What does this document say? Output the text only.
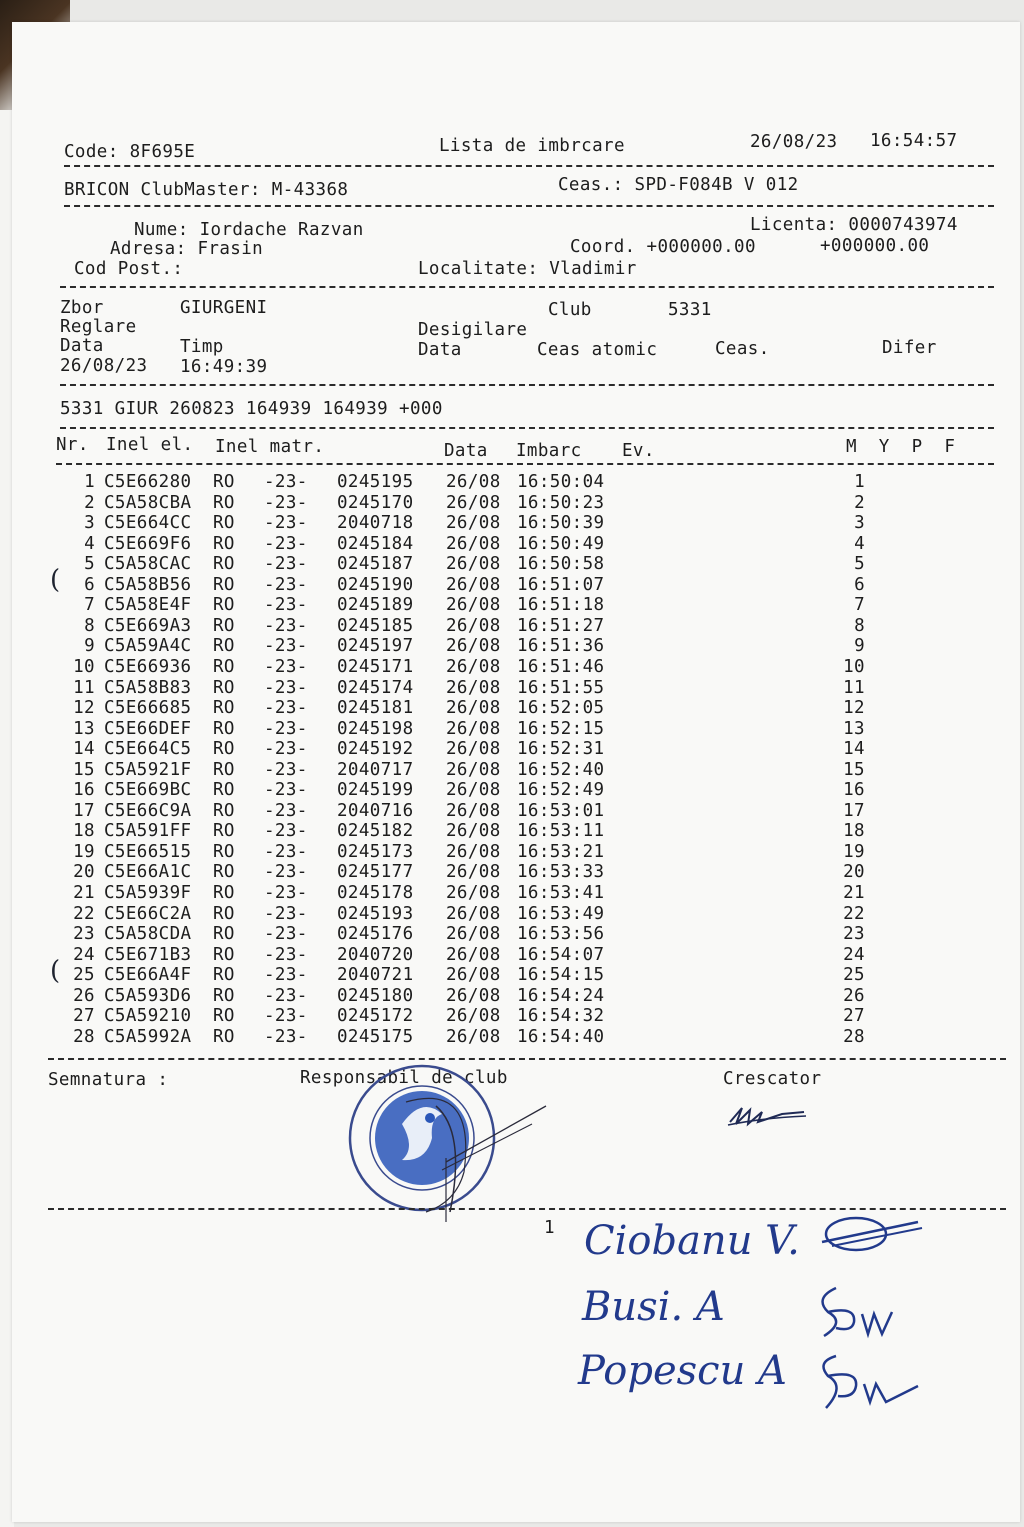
Code: 8F695E	Lista de imbrcare	26/08/23 16:54:57
BRICON ClubMaster: M-43368	Ceas.: SPD-F084B V 012
Nume: Iordache Razvan	Licenta: 0000743974
Adresa: Frasin	Coord. +000000.00	+000000.00
Cod Post.:	Localitate: Vladimir
Zbor	GIURGENI	Club	5331
Reglare	Desigilare
Data	Timp	Data	Ceas atomic	Ceas.	Difer
26/08/23 16:49:39
5331 GIUR 260823 164939 164939 +000
Nr. Inel el. Inel matr.	Data Imbarc Ev.	M  Y  P  F
1 C5E66280 RO -23- 0245195 26/08 16:50:04	1
2 C5A58CBA RO -23- 0245170 26/08 16:50:23	2
3 C5E664CC RO -23- 2040718 26/08 16:50:39	3
4 C5E669F6 RO -23- 0245184 26/08 16:50:49	4
5 C5A58CAC RO -23- 0245187 26/08 16:50:58	5
6 C5A58B56 RO -23- 0245190 26/08 16:51:07	6
7 C5A58E4F RO -23- 0245189 26/08 16:51:18	7
8 C5E669A3 RO -23- 0245185 26/08 16:51:27	8
9 C5A59A4C RO -23- 0245197 26/08 16:51:36	9
10 C5E66936 RO -23- 0245171 26/08 16:51:46	10
11 C5A58B83 RO -23- 0245174 26/08 16:51:55	11
12 C5E66685 RO -23- 0245181 26/08 16:52:05	12
13 C5E66DEF RO -23- 0245198 26/08 16:52:15	13
14 C5E664C5 RO -23- 0245192 26/08 16:52:31	14
15 C5A5921F RO -23- 2040717 26/08 16:52:40	15
16 C5E669BC RO -23- 0245199 26/08 16:52:49	16
17 C5E66C9A RO -23- 2040716 26/08 16:53:01	17
18 C5A591FF RO -23- 0245182 26/08 16:53:11	18
19 C5E66515 RO -23- 0245173 26/08 16:53:21	19
20 C5E66A1C RO -23- 0245177 26/08 16:53:33	20
21 C5A5939F RO -23- 0245178 26/08 16:53:41	21
22 C5E66C2A RO -23- 0245193 26/08 16:53:49	22
23 C5A58CDA RO -23- 0245176 26/08 16:53:56	23
24 C5E671B3 RO -23- 2040720 26/08 16:54:07	24
25 C5E66A4F RO -23- 2040721 26/08 16:54:15	25
26 C5A593D6 RO -23- 0245180 26/08 16:54:24	26
27 C5A59210 RO -23- 0245172 26/08 16:54:32	27
28 C5A5992A RO -23- 0245175 26/08 16:54:40	28
Semnatura :	Responsabil de club	Crescator
1 Ciobanu V.
Busi. A
Popescu A
(
(
